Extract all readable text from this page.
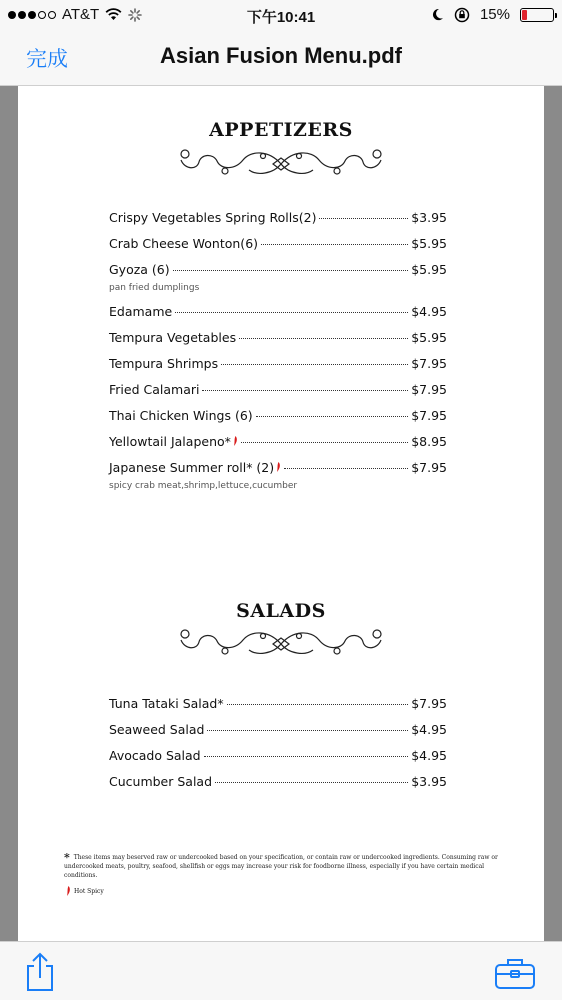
AT&T	下午10:41	15%
完成	Asian Fusion Menu.pdf
APPETIZERS
Crispy Vegetables Spring Rolls(2)	$3.95
Crab Cheese Wonton(6)	$5.95
Gyoza (6)	$5.95
pan fried dumplings
Edamame	$4.95
Tempura Vegetables	$5.95
Tempura Shrimps	$7.95
Fried Calamari	$7.95
Thai Chicken Wings (6)	$7.95
Yellowtail Jalapeno*	$8.95
Japanese Summer roll* (2)	$7.95
spicy crab meat,shrimp,lettuce,cucumber
SALADS
Tuna Tataki Salad*	$7.95
Seaweed Salad	$4.95
Avocado Salad	$4.95
Cucumber Salad	$3.95
* These items may beserved raw or undercooked based on your specification, or contain raw or undercooked ingredients. Consuming raw or undercooked meats, poultry, seafood, shellfish or eggs may increase your risk for foodborne illness, especially if you have certain medical conditions.
Hot Spicy
